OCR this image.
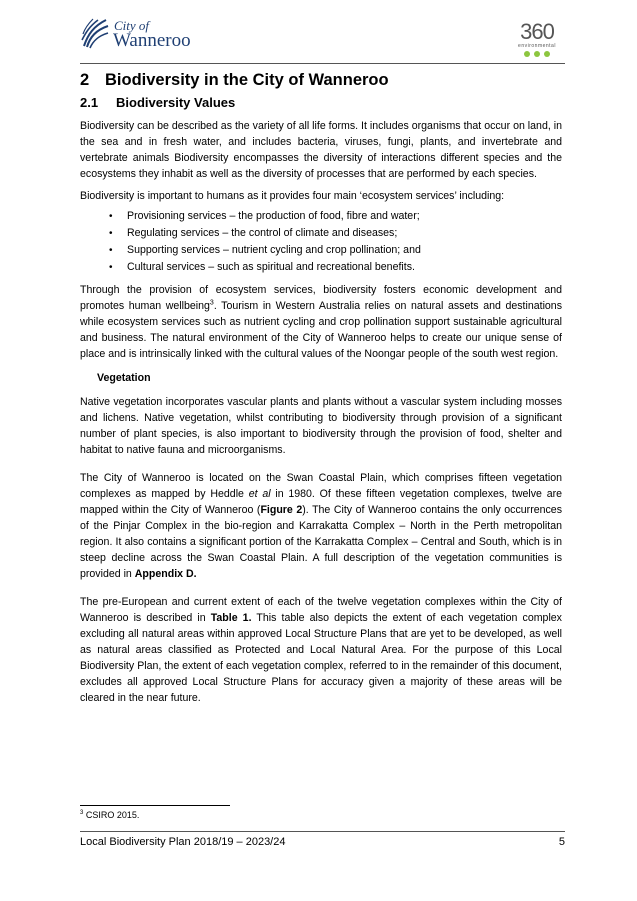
City of
Wanneroo	360
environmental
2 Biodiversity in the City of Wanneroo
2.1	Biodiversity Values

Biodiversity can be described as the variety of all life forms. It includes organisms that occur on land, in the sea and in fresh water, and includes bacteria, viruses, fungi, plants, and invertebrate and vertebrate animals Biodiversity encompasses the diversity of interactions different species and the ecosystems they inhabit as well as the diversity of processes that are performed by each species.

Biodiversity is important to humans as it provides four main ‘ecosystem services’ including:

• Provisioning services – the production of food, fibre and water;
• Regulating services – the control of climate and diseases;
• Supporting services – nutrient cycling and crop pollination; and
• Cultural services – such as spiritual and recreational benefits.

Through the provision of ecosystem services, biodiversity fosters economic development and promotes human wellbeing$^3$. Tourism in Western Australia relies on natural assets and destinations while ecosystem services such as nutrient cycling and crop pollination support sustainable agricultural and business. The natural environment of the City of Wanneroo helps to create our unique sense of place and is intrinsically linked with the cultural values of the Noongar people of the south west region.

Vegetation

Native vegetation incorporates vascular plants and plants without a vascular system including mosses and lichens. Native vegetation, whilst contributing to biodiversity through provision of a significant number of plant species, is also important to biodiversity through the provision of food, shelter and habitat to native fauna and microorganisms.

The City of Wanneroo is located on the Swan Coastal Plain, which comprises fifteen vegetation complexes as mapped by Heddle et al in 1980. Of these fifteen vegetation complexes, twelve are mapped within the City of Wanneroo (Figure 2). The City of Wanneroo contains the only occurrences of the Pinjar Complex in the bio-region and Karrakatta Complex – North in the Perth metropolitan region. It also contains a significant portion of the Karrakatta Complex – Central and South, which is in steep decline across the Swan Coastal Plain. A full description of the vegetation communities is provided in Appendix D.

The pre-European and current extent of each of the twelve vegetation complexes within the City of Wanneroo is described in Table 1. This table also depicts the extent of each vegetation complex excluding all natural areas within approved Local Structure Plans that are yet to be developed, as well as natural areas classified as Protected and Local Natural Area. For the purpose of this Local Biodiversity Plan, the extent of each vegetation complex, referred to in the remainder of this document, excludes all approved Local Structure Plans for accuracy given a majority of these areas will be cleared in the near future.

$^3$ CSIRO 2015.
Local Biodiversity Plan 2018/19 – 2023/24	5
